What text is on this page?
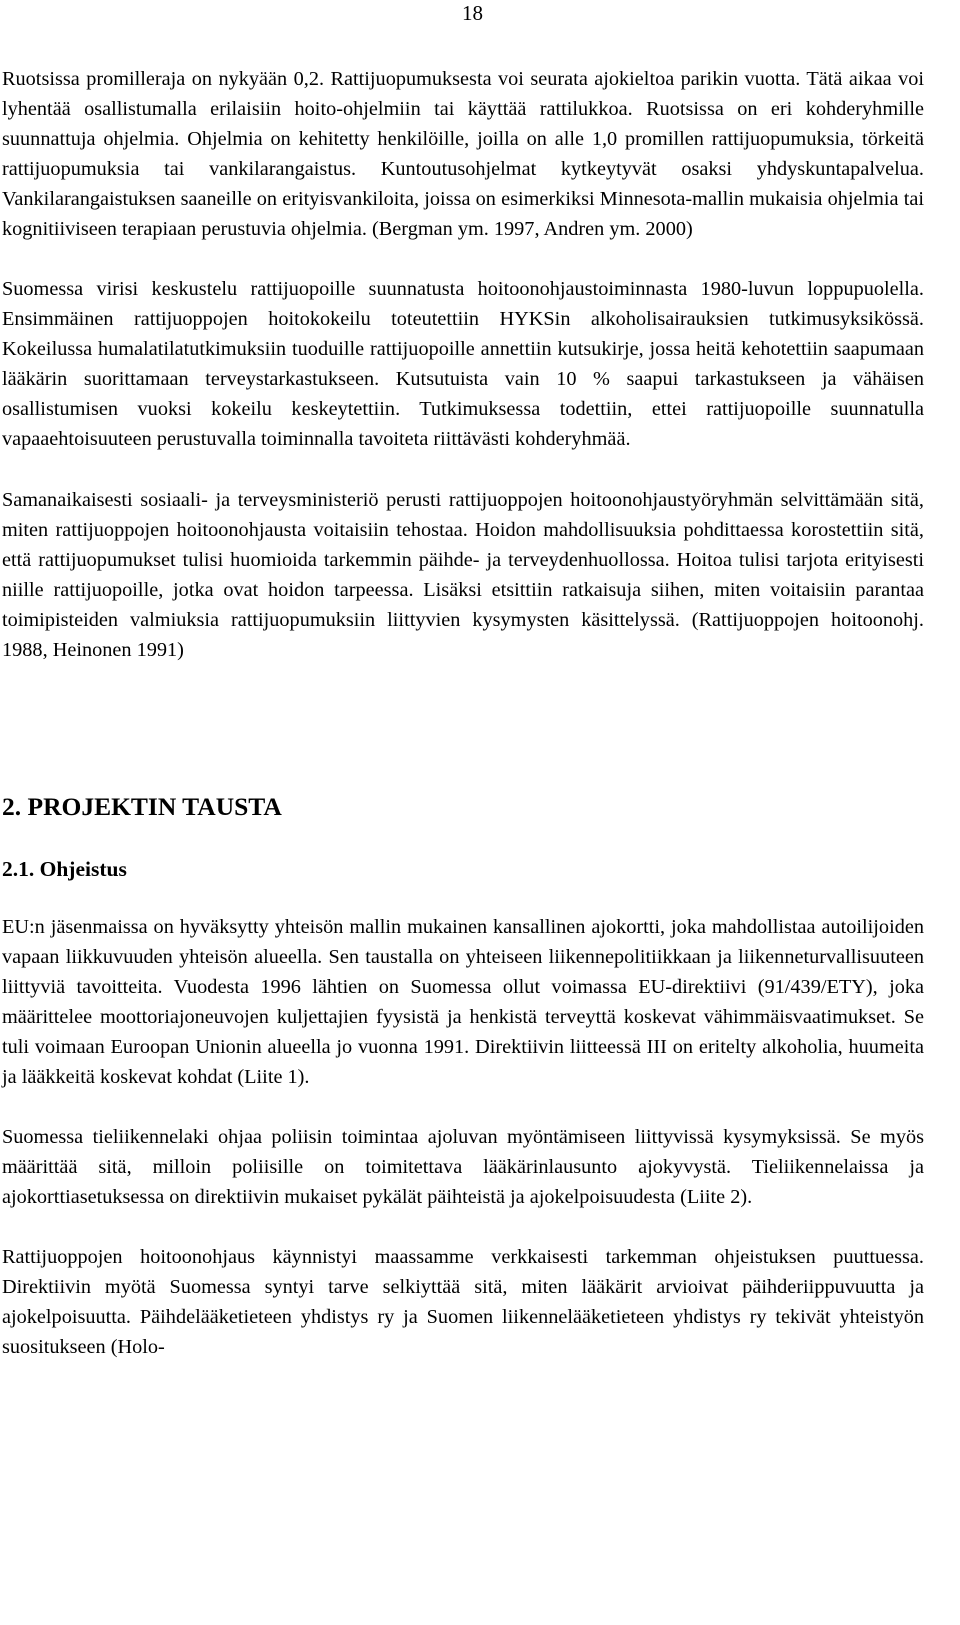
18

Ruotsissa promilleraja on nykyään 0,2. Rattijuopumuksesta voi seurata ajokieltoa parikin vuotta. Tätä aikaa voi lyhentää osallistumalla erilaisiin hoito-ohjelmiin tai käyttää rattilukkoa. Ruotsissa on eri kohderyhmille suunnattuja ohjelmia. Ohjelmia on kehitetty henkilöille, joilla on alle 1,0 promillen rattijuopumuksia, törkeitä rattijuopumuksia tai vankilarangaistus. Kuntoutusohjelmat kytkeytyvät osaksi yhdyskuntapalvelua. Vankilarangaistuksen saaneille on erityisvankiloita, joissa on esimerkiksi Minnesota-mallin mukaisia ohjelmia tai kognitiiviseen terapiaan perustuvia ohjelmia. (Bergman ym. 1997, Andren ym. 2000)

Suomessa virisi keskustelu rattijuopoille suunnatusta hoitoonohjaustoiminnasta 1980-luvun loppupuolella. Ensimmäinen rattijuoppojen hoitokokeilu toteutettiin HYKSin alkoholisairauksien tutkimusyksikössä. Kokeilussa humalatilatutkimuksiin tuoduille rattijuopoille annettiin kutsukirje, jossa heitä kehotettiin saapumaan lääkärin suorittamaan terveystarkastukseen. Kutsutuista vain 10 % saapui tarkastukseen ja vähäisen osallistumisen vuoksi kokeilu keskeytettiin. Tutkimuksessa todettiin, ettei rattijuopoille suunnatulla vapaaehtoisuuteen perustuvalla toiminnalla tavoiteta riittävästi kohderyhmää.

Samanaikaisesti sosiaali- ja terveysministeriö perusti rattijuoppojen hoitoonohjaustyöryhmän selvittämään sitä, miten rattijuoppojen hoitoonohjausta voitaisiin tehostaa. Hoidon mahdollisuuksia pohdittaessa korostettiin sitä, että rattijuopumukset tulisi huomioida tarkemmin päihde- ja terveydenhuollossa. Hoitoa tulisi tarjota erityisesti niille rattijuopoille, jotka ovat hoidon tarpeessa. Lisäksi etsittiin ratkaisuja siihen, miten voitaisiin parantaa toimipisteiden valmiuksia rattijuopumuksiin liittyvien kysymysten käsittelyssä. (Rattijuoppojen hoitoonohj. 1988, Heinonen 1991)

2. PROJEKTIN TAUSTA
2.1. Ohjeistus

EU:n jäsenmaissa on hyväksytty yhteisön mallin mukainen kansallinen ajokortti, joka mahdollistaa autoilijoiden vapaan liikkuvuuden yhteisön alueella. Sen taustalla on yhteiseen liikennepolitiikkaan ja liikenneturvallisuuteen liittyviä tavoitteita. Vuodesta 1996 lähtien on Suomessa ollut voimassa EU-direktiivi (91/439/ETY), joka määrittelee moottoriajoneuvojen kuljettajien fyysistä ja henkistä terveyttä koskevat vähimmäisvaatimukset. Se tuli voimaan Euroopan Unionin alueella jo vuonna 1991. Direktiivin liitteessä III on eritelty alkoholia, huumeita ja lääkkeitä koskevat kohdat (Liite 1).

Suomessa tieliikennelaki ohjaa poliisin toimintaa ajoluvan myöntämiseen liittyvissä kysymyksissä. Se myös määrittää sitä, milloin poliisille on toimitettava lääkärinlausunto ajokyvystä. Tieliikennelaissa ja ajokorttiasetuksessa on direktiivin mukaiset pykälät päihteistä ja ajokelpoisuudesta (Liite 2).

Rattijuoppojen hoitoonohjaus käynnistyi maassamme verkkaisesti tarkemman ohjeistuksen puuttuessa. Direktiivin myötä Suomessa syntyi tarve selkiyttää sitä, miten lääkärit arvioivat päihderiippuvuutta ja ajokelpoisuutta. Päihdelääketieteen yhdistys ry ja Suomen liikennelääketieteen yhdistys ry tekivät yhteistyön suositukseen (Holo-
